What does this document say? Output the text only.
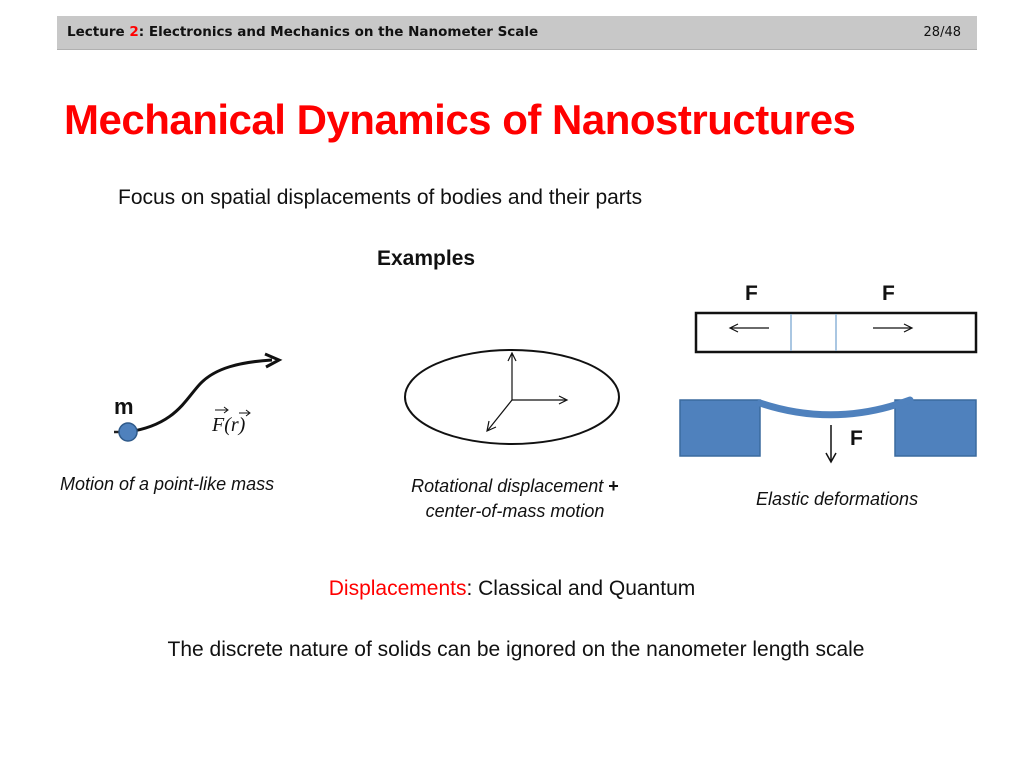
Lecture 2: Electronics and Mechanics on the Nanometer Scale	28/48
Mechanical Dynamics of Nanostructures
Focus on spatial displacements of bodies and their parts
Examples
m
F(r)
F	F
F
Motion of a point-like mass	Rotational displacement +
center-of-mass motion
Elastic deformations
Displacements: Classical and Quantum
The discrete nature of solids can be ignored on the nanometer length scale
